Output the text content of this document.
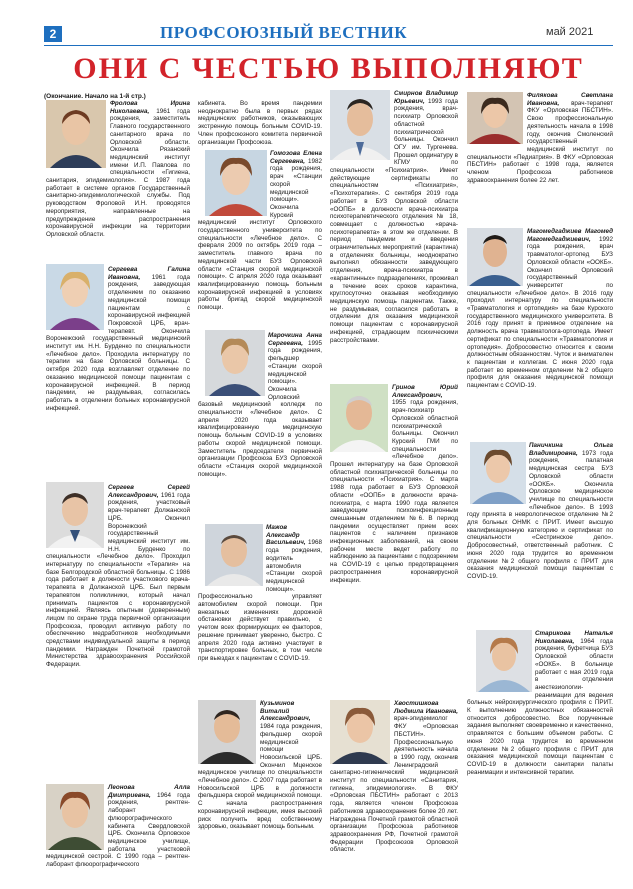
2	ПРОФСОЮЗНЫЙ ВЕСТНИК	май 2021
ОНИ С ЧЕСТЬЮ ВЫПОЛНЯЮТ
(Окончание. Начало на 1-й стр.)
Фролова Ирина Николаевна, 1961 года рождения, заместитель Главного государственного санитарного врача по Орловской области. Окончила Рязанский медицинский институт имени И.П. Павлова по специальности «Гигиена, санитария, эпидемиология». С 1987 года работает в системе органов Государственный санитарно-эпидемиологической службы. Под руководством Фроловой И.Н. проводятся мероприятия, направленные на предупреждение распространения коронавирусной инфекции на территории Орловской области.
Сергеева Галина Ивановна, 1961 года рождения, заведующая отделением по оказанию медицинской помощи пациентам с коронавирусной инфекцией Покровской ЦРБ, врач-терапевт. Окончила Воронежский государственный медицинский институт им. Н.Н. Бурденко по специальности «Лечебное дело». Проходила интернатуру по терапии на базе Орловской больницы. С октября 2020 года возглавляет отделение по оказанию медицинской помощи пациентам с коронавирусной инфекцией. В период пандемии, не раздумывая, согласилась работать в отделении больных коронавирусной инфекцией.
Сергеев Сергей Александрович, 1961 года рождения, участковый врач-терапевт Должанской ЦРБ. Окончил Воронежский государственный медицинский институт им. Н.Н. Бурденко по специальности «Лечебное дело». Проходил интернатуру по специальности «Терапия» на базе Белгородской областной больницы. С 1986 года работает в должности участкового врача-терапевта в Должанской ЦРБ. Был первым терапевтом поликлиники, который начал принимать пациентов с коронавирусной инфекцией. Являясь опытным (доверенным) лицом по охране труда первичной организации Профсоюза, проводил активную работу по обеспечению медработников необходимыми средствами индивидуальной защиты в период пандемии. Награжден Почетной грамотой Министерства здравоохранения Российской Федерации.
Леонова Алла Дмитриевна, 1964 года рождения, рентген-лаборант флюорографического кабинета Свердловской ЦРБ. Окончила Орловское медицинское училище, работала участковой медицинской сестрой. С 1990 года – рентген-лаборант флюорографического
кабинета. Во время пандемии неоднократно была в первых рядах медицинских работников, оказывающих экстренную помощь больным COVID-19. Член профсоюзного комитета первичной организации Профсоюза.
Гомозова Елена Сергеевна, 1982 года рождения, врач «Станции скорой медицинской помощи». Окончила Курский медицинский институт Орловского государственного университета по специальности «Лечебное дело». С февраля 2009 по октябрь 2019 года – заместитель главного врача по медицинской части БУЗ Орловской области «Станция скорой медицинской помощи». С апреля 2020 года оказывает квалифицированную помощь больным коронавирусной инфекцией в условиях работы бригад скорой медицинской помощи.
Марочкина Анна Сергеевна, 1995 года рождения, фельдшер «Станции скорой медицинской помощи». Окончила Орловский базовый медицинский колледж по специальности «Лечебное дело». С апреля 2020 года оказывает квалифицированную медицинскую помощь больным COVID-19 в условиях работы скорой медицинской помощи. Заместитель председателя первичной организации Профсоюза БУЗ Орловской области «Станция скорой медицинской помощи».
Мажов Александр Васильевич, 1968 года рождения, водитель автомобиля «Станции скорой медицинской помощи». Профессионально управляет автомобилем скорой помощи. При внезапных изменениях дорожной обстановки действует правильно, с учетом всех формирующих ее факторов, решение принимает уверенно, быстро. С апреля 2020 года активно участвует в транспортировке больных, в том числе при выездах к пациентам с COVID-19.
Кузьминов Виталий Александрович, 1984 года рождения, фельдшер скорой медицинской помощи Новосильской ЦРБ. Окончил Мценское медицинское училище по специальности «Лечебное дело». С 2007 года работает в Новосильской ЦРБ в должности фельдшера скорой медицинской помощи. С начала распространения коронавирусной инфекции, имея высокий риск получить вред собственному здоровью, оказывает помощь больным.
Смирнов Владимир Юрьевич, 1993 года рождения, врач-психиатр Орловской областной психиатрической больницы. Окончил ОГУ им. Тургенева. Прошел ординатуру в КГМУ по специальности «Психиатрия». Имеет действующие сертификаты по специальностям «Психиатрия», «Психотерапия». С сентября 2019 года работает в БУЗ Орловской области «ООПБ» в должности врача-психиатра психотерапевтического отделения № 18, совмещает с должностью «врача-психотерапевта» в этом же отделении. В период пандемии и введения ограничительных мероприятий (карантина) в отделениях больницы, неоднократно выполнял обязанности заведующего отделения, врача-психиатра в «карантинных» подразделениях, проживал в течение всех сроков карантина, круглосуточно оказывая необходимую медицинскую помощь пациентам. Также, не раздумывая, согласился работать в отделении для оказания медицинской помощи пациентам с коронавирусной инфекцией, страдающим психическими расстройствами.
Гринов Юрий Александрович, 1955 года рождения, врач-психиатр Орловской областной психиатрической больницы. Окончил Курский ГМИ по специальности «Лечебное дело». Прошел интернатуру на базе Орловской областной психиатрической больницы по специальности «Психиатрия». С марта 1988 года работает в БУЗ Орловской области «ООПБ» в должности врача-психиатра, с марта 1990 года является заведующим психоинфекционным смешанным отделением №6. В период пандемии осуществляет прием всех пациентов с наличием признаков инфекционных заболеваний, на своем рабочем месте ведет работу по наблюдению за пациентами с подозрением на COVID-19 с целью предотвращения распространения коронавирусной инфекции.
Хвостишкова Людмила Ивановна, врач-эпидемиолог ФКУ «Орловская ПБСТИН». Профессиональную деятельность начала в 1990 году, окончив Ленинградский санитарно-гигиенический медицинский институт по специальности «Санитария, гигиена, эпидемиология». В ФКУ «Орловская ПБСТИН» работает с 2013 года, является членом Профсоюза работников здравоохранения более 20 лет. Награждена Почетной грамотой областной организации Профсоюза работников здравоохранения РФ, Почетной грамотой Федерации Профсоюзов Орловской области.
Филякова Светлана Ивановна, врач-терапевт ФКУ «Орловская ПБСТИН». Свою профессиональную деятельность начала в 1998 году, окончив Смоленский государственный медицинский институт по специальности «Педиатрия». В ФКУ «Орловская ПБСТИН» работает с 1998 года, является членом Профсоюза работников здравоохранения более 22 лет.
Магомедгаджиев Магомед Магомедгаджиевич, 1992 года рождения, врач травматолог-ортопед БУЗ Орловской области «ООКБ». Окончил Орловский государственный университет по специальности «Лечебное дело». В 2016 году проходил интернатуру по специальности «Травматология и ортопедия» на базе Курского государственного медицинского университета. В 2016 году принят в приемное отделение на должность врача травматолога-ортопеда. Имеет сертификат по специальности «Травматология и ортопедия». Добросовестно относится к своим должностным обязанностям. Чуток и внимателен к пациентам и коллегам. С июня 2020 года работает во временном отделении №2 общего профиля для оказания медицинской помощи пациентам с COVID-19.
Паничкина Ольга Владимировна, 1973 года рождения, палатная медицинская сестра БУЗ Орловской области «ООКБ». Окончила Орловское медицинское училище по специальности «Лечебное дело». В 1993 году принята в неврологическое отделение №2 для больных ОНМК с ПРИТ. Имеет высшую квалификационную категорию и сертификат по специальности «Сестринское дело». Добросовестный, ответственный работник. С июня 2020 года трудится во временном отделении №2 общего профиля с ПРИТ для оказания медицинской помощи пациентам с COVID-19.
Старикова Наталья Николаевна, 1964 года рождения, буфетчица БУЗ Орловской области «ООКБ». В больнице работает с мая 2019 года в отделении анестезиологии-реанимации для ведения больных нейрохирургического профиля с ПРИТ. К выполнению должностных обязанностей относится добросовестно. Все порученные задания выполняет своевременно и качественно, справляется с большим объемом работы. С июня 2020 года трудится во временном отделении №2 общего профиля с ПРИТ для оказания медицинской помощи пациентам с COVID-19 в должности санитарки палаты реанимации и интенсивной терапии.
